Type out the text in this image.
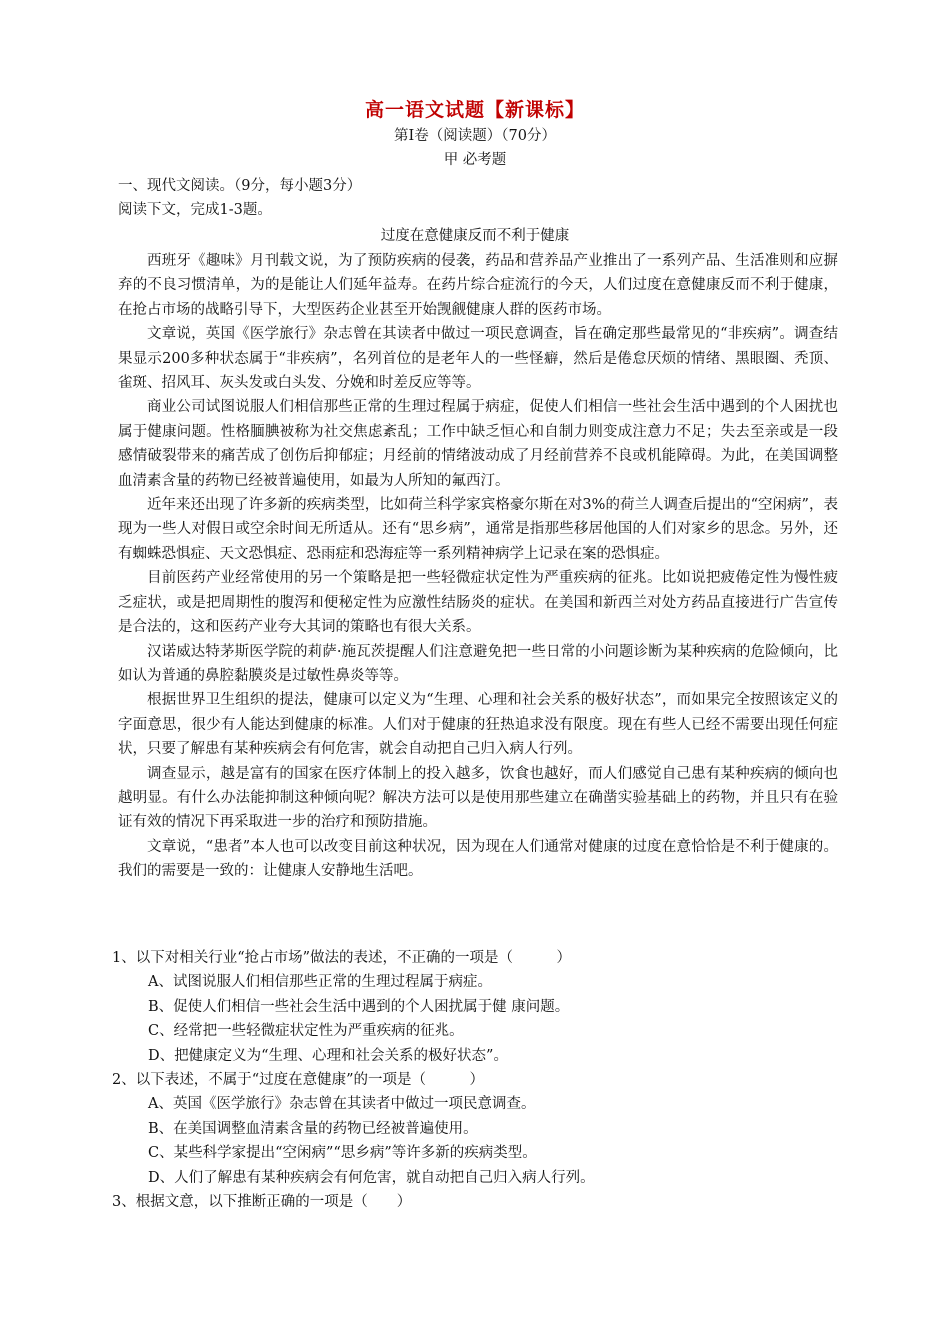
高一语文试题【新课标】
第Ⅰ卷（阅读题）（70分）
甲 必考题
一、现代文阅读。（9分，每小题3分）
阅读下文，完成1-3题。
过度在意健康反而不利于健康

西班牙《趣味》月刊载文说，为了预防疾病的侵袭，药品和营养品产业推出了一系列产品、生活准则和应摒弃的不良习惯清单，为的是能让人们延年益寿。在药片综合症流行的今天，人们过度在意健康反而不利于健康，在抢占市场的战略引导下，大型医药企业甚至开始觊觎健康人群的医药市场。

文章说，英国《医学旅行》杂志曾在其读者中做过一项民意调查，旨在确定那些最常见的“非疾病”。调查结果显示200多种状态属于“非疾病”，名列首位的是老年人的一些怪癖，然后是倦怠厌烦的情绪、黑眼圈、秃顶、雀斑、招风耳、灰头发或白头发、分娩和时差反应等等。

商业公司试图说服人们相信那些正常的生理过程属于病症，促使人们相信一些社会生活中遇到的个人困扰也属于健康问题。性格腼腆被称为社交焦虑紊乱；工作中缺乏恒心和自制力则变成注意力不足；失去至亲或是一段感情破裂带来的痛苦成了创伤后抑郁症；月经前的情绪波动成了月经前营养不良或机能障碍。为此，在美国调整血清素含量的药物已经被普遍使用，如最为人所知的氟西汀。

近年来还出现了许多新的疾病类型，比如荷兰科学家宾格豪尔斯在对3%的荷兰人调查后提出的“空闲病”，表现为一些人对假日或空余时间无所适从。还有“思乡病”，通常是指那些移居他国的人们对家乡的思念。另外，还有蜘蛛恐惧症、天文恐惧症、恐雨症和恐海症等一系列精神病学上记录在案的恐惧症。

目前医药产业经常使用的另一个策略是把一些轻微症状定性为严重疾病的征兆。比如说把疲倦定性为慢性疲乏症状，或是把周期性的腹泻和便秘定性为应激性结肠炎的症状。在美国和新西兰对处方药品直接进行广告宣传是合法的，这和医药产业夸大其词的策略也有很大关系。

汉诺威达特茅斯医学院的莉萨·施瓦茨提醒人们注意避免把一些日常的小问题诊断为某种疾病的危险倾向，比如认为普通的鼻腔黏膜炎是过敏性鼻炎等等。

根据世界卫生组织的提法，健康可以定义为“生理、心理和社会关系的极好状态”，而如果完全按照该定义的字面意思，很少有人能达到健康的标准。人们对于健康的狂热追求没有限度。现在有些人已经不需要出现任何症状，只要了解患有某种疾病会有何危害，就会自动把自己归入病人行列。

调查显示，越是富有的国家在医疗体制上的投入越多，饮食也越好，而人们感觉自己患有某种疾病的倾向也越明显。有什么办法能抑制这种倾向呢？解决方法可以是使用那些建立在确凿实验基础上的药物，并且只有在验证有效的情况下再采取进一步的治疗和预防措施。

文章说，“患者”本人也可以改变目前这种状况，因为现在人们通常对健康的过度在意恰恰是不利于健康的。我们的需要是一致的：让健康人安静地生活吧。

1、以下对相关行业“抢占市场”做法的表述，不正确的一项是（　　　）

A、试图说服人们相信那些正常的生理过程属于病症。

B、促使人们相信一些社会生活中遇到的个人困扰属于健 康问题。

C、经常把一些轻微症状定性为严重疾病的征兆。

D、把健康定义为“生理、心理和社会关系的极好状态”。

2、以下表述，不属于“过度在意健康”的一项是（　　　）

A、英国《医学旅行》杂志曾在其读者中做过一项民意调查。

B、在美国调整血清素含量的药物已经被普遍使用。

C、某些科学家提出“空闲病”“思乡病”等许多新的疾病类型。

D、人们了解患有某种疾病会有何危害，就自动把自己归入病人行列。

3、根据文意，以下推断正确的一项是（　　）
